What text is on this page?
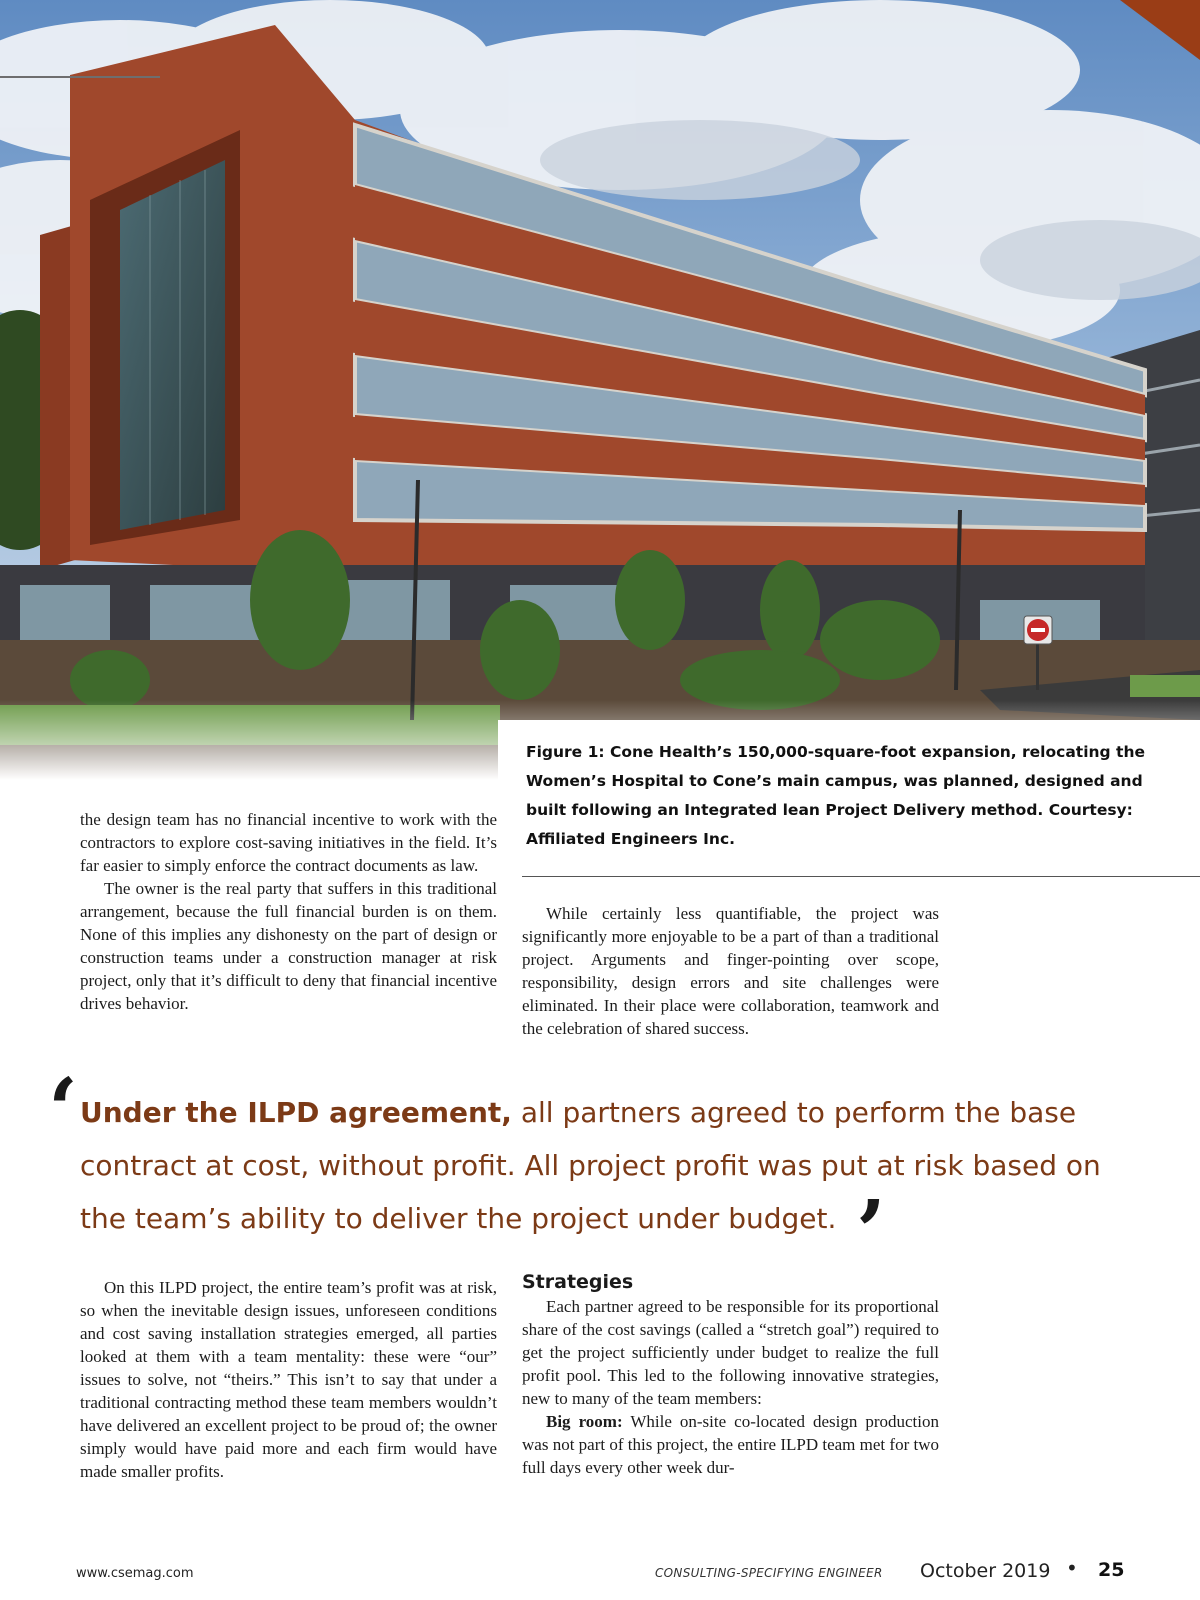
Figure 1: Cone Health’s 150,000-square-foot expansion, relocating the Women’s Hospital to Cone’s main campus, was planned, designed and built following an Integrated lean Project Delivery method. Courtesy: Affiliated Engineers Inc.

the design team has no financial incentive to work with the contractors to explore cost-saving initiatives in the field. It’s far easier to simply enforce the contract documents as law.

The owner is the real party that suffers in this traditional arrangement, because the full financial burden is on them. None of this implies any dishonesty on the part of design or construction teams under a construction manager at risk project, only that it’s difficult to deny that financial incentive drives behavior.

While certainly less quantifiable, the project was significantly more enjoyable to be a part of than a traditional project. Arguments and finger-pointing over scope, responsibility, design errors and site challenges were eliminated. In their place were collaboration, teamwork and the celebration of shared success.

‘ Under the ILPD agreement, all partners agreed to perform the base contract at cost, without profit. All project profit was put at risk based on the team’s ability to deliver the project under budget. ’

On this ILPD project, the entire team’s profit was at risk, so when the inevitable design issues, unforeseen conditions and cost saving installation strategies emerged, all parties looked at them with a team mentality: these were “our” issues to solve, not “theirs.” This isn’t to say that under a traditional contracting method these team members wouldn’t have delivered an excellent project to be proud of; the owner simply would have paid more and each firm would have made smaller profits.

Strategies

Each partner agreed to be responsible for its proportional share of the cost savings (called a “stretch goal”) required to get the project sufficiently under budget to realize the full profit pool. This led to the following innovative strategies, new to many of the team members:

Big room: While on-site co-located design production was not part of this project, the entire ILPD team met for two full days every other week dur-

www.csemag.com	CONSULTING-SPECIFYING ENGINEER October 2019 • 25
